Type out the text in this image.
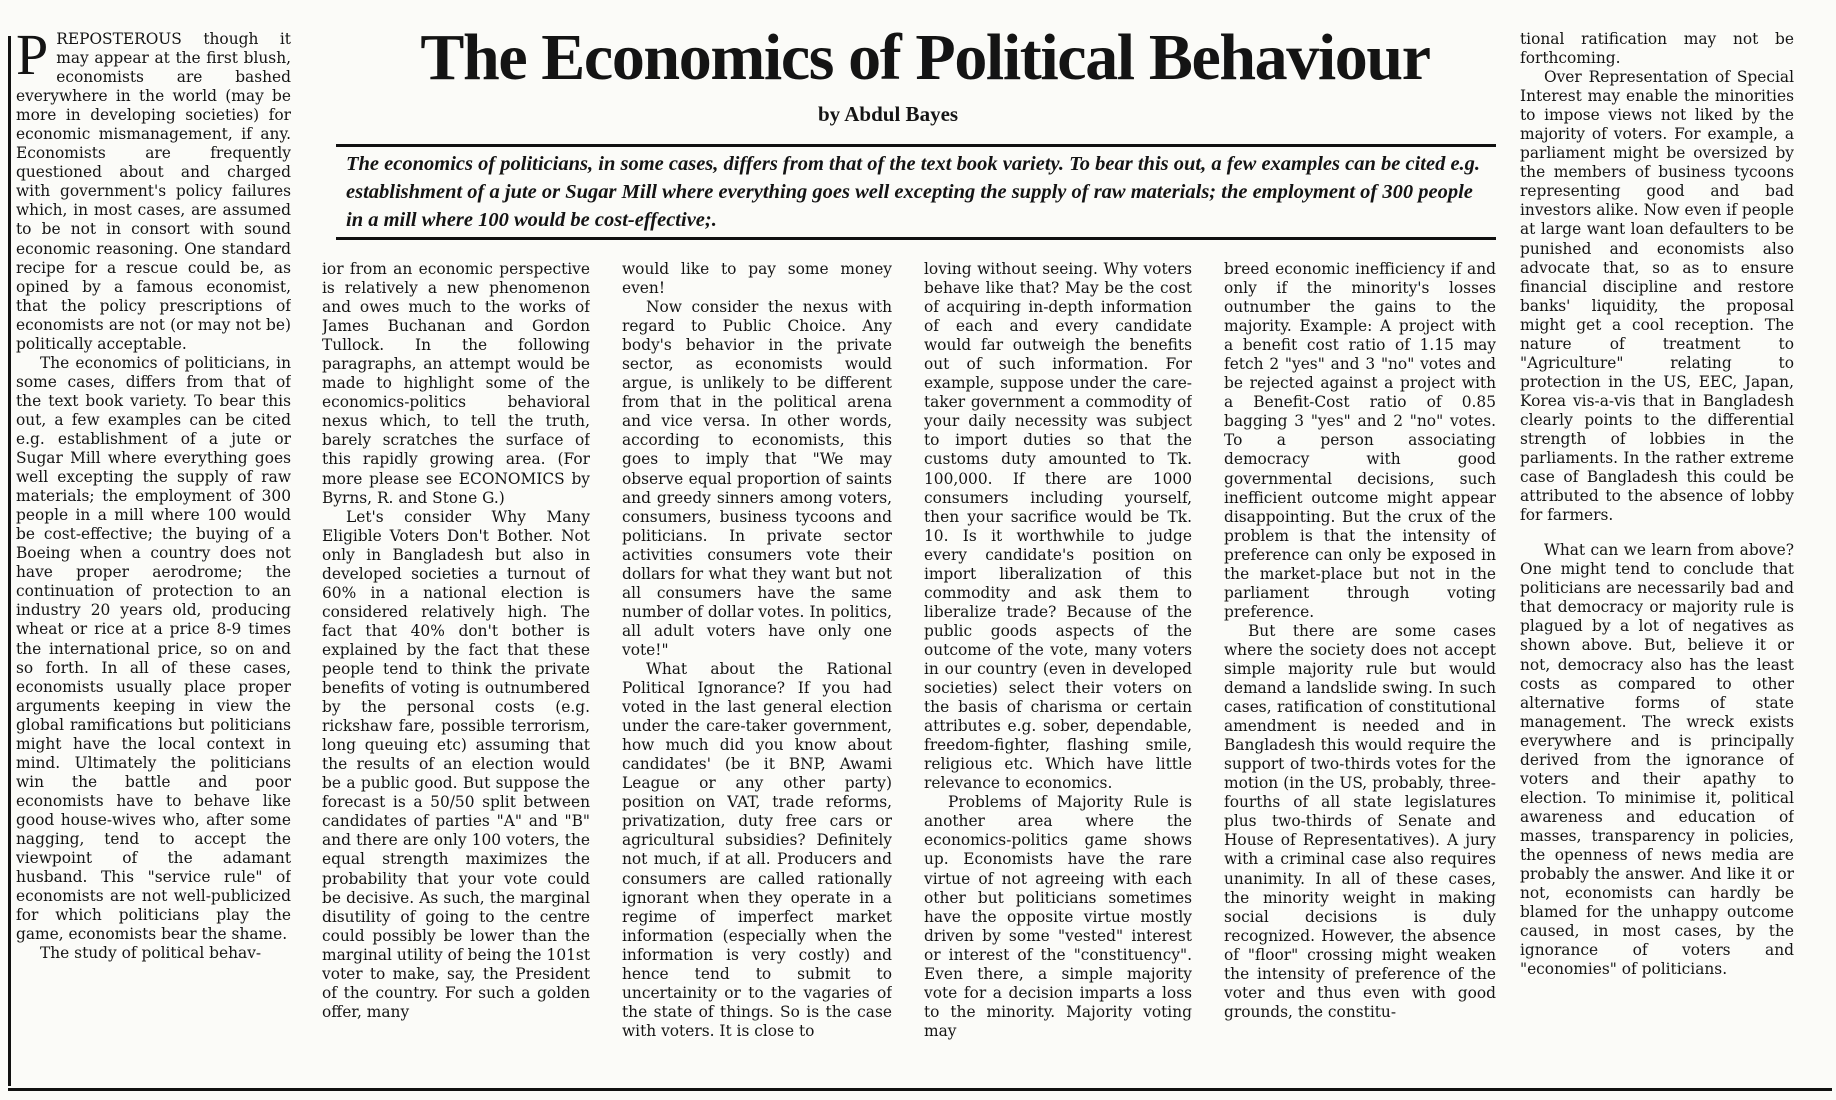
The Economics of Political Behaviour
by Abdul Bayes

The economics of politicians, in some cases, differs from that of the text book variety. To bear this out, a few examples can be cited e.g. establishment of a jute or Sugar Mill where everything goes well excepting the supply of raw materials; the employment of 300 people in a mill where 100 would be cost-effective;.

PREPOSTEROUS though it may appear at the first blush, economists are bashed everywhere in the world (may be more in developing societies) for economic mismanagement, if any. Economists are frequently questioned about and charged with government's policy failures which, in most cases, are assumed to be not in consort with sound economic reasoning. One standard recipe for a rescue could be, as opined by a famous economist, that the policy prescriptions of economists are not (or may not be) politically acceptable.

The economics of politicians, in some cases, differs from that of the text book variety. To bear this out, a few examples can be cited e.g. establishment of a jute or Sugar Mill where everything goes well excepting the supply of raw materials; the employment of 300 people in a mill where 100 would be cost-effective; the buying of a Boeing when a country does not have proper aerodrome; the continuation of protection to an industry 20 years old, producing wheat or rice at a price 8-9 times the international price, so on and so forth. In all of these cases, economists usually place proper arguments keeping in view the global ramifications but politicians might have the local context in mind. Ultimately the politicians win the battle and poor economists have to behave like good house-wives who, after some nagging, tend to accept the viewpoint of the adamant husband. This "service rule" of economists are not well-publicized for which politicians play the game, economists bear the shame.

The study of political behav-

ior from an economic perspective is relatively a new phenomenon and owes much to the works of James Buchanan and Gordon Tullock. In the following paragraphs, an attempt would be made to highlight some of the economics-politics behavioral nexus which, to tell the truth, barely scratches the surface of this rapidly growing area. (For more please see ECONOMICS by Byrns, R. and Stone G.)

Let's consider Why Many Eligible Voters Don't Bother. Not only in Bangladesh but also in developed societies a turnout of 60% in a national election is considered relatively high. The fact that 40% don't bother is explained by the fact that these people tend to think the private benefits of voting is outnumbered by the personal costs (e.g. rickshaw fare, possible terrorism, long queuing etc) assuming that the results of an election would be a public good. But suppose the forecast is a 50/50 split between candidates of parties "A" and "B" and there are only 100 voters, the equal strength maximizes the probability that your vote could be decisive. As such, the marginal disutility of going to the centre could possibly be lower than the marginal utility of being the 101st voter to make, say, the President of the country. For such a golden offer, many

would like to pay some money even!

Now consider the nexus with regard to Public Choice. Any body's behavior in the private sector, as economists would argue, is unlikely to be different from that in the political arena and vice versa. In other words, according to economists, this goes to imply that "We may observe equal proportion of saints and greedy sinners among voters, consumers, business tycoons and politicians. In private sector activities consumers vote their dollars for what they want but not all consumers have the same number of dollar votes. In politics, all adult voters have only one vote!"

What about the Rational Political Ignorance? If you had voted in the last general election under the care-taker government, how much did you know about candidates' (be it BNP, Awami League or any other party) position on VAT, trade reforms, privatization, duty free cars or agricultural subsidies? Definitely not much, if at all. Producers and consumers are called rationally ignorant when they operate in a regime of imperfect market information (especially when the information is very costly) and hence tend to submit to uncertainity or to the vagaries of the state of things. So is the case with voters. It is close to

loving without seeing. Why voters behave like that? May be the cost of acquiring in-depth information of each and every candidate would far outweigh the benefits out of such information. For example, suppose under the care-taker government a commodity of your daily necessity was subject to import duties so that the customs duty amounted to Tk. 100,000. If there are 1000 consumers including yourself, then your sacrifice would be Tk. 10. Is it worthwhile to judge every candidate's position on import liberalization of this commodity and ask them to liberalize trade? Because of the public goods aspects of the outcome of the vote, many voters in our country (even in developed societies) select their voters on the basis of charisma or certain attributes e.g. sober, dependable, freedom-fighter, flashing smile, religious etc. Which have little relevance to economics.

Problems of Majority Rule is another area where the economics-politics game shows up. Economists have the rare virtue of not agreeing with each other but politicians sometimes have the opposite virtue mostly driven by some "vested" interest or interest of the "constituency". Even there, a simple majority vote for a decision imparts a loss to the minority. Majority voting may

breed economic inefficiency if and only if the minority's losses outnumber the gains to the majority. Example: A project with a benefit cost ratio of 1.15 may fetch 2 "yes" and 3 "no" votes and be rejected against a project with a Benefit-Cost ratio of 0.85 bagging 3 "yes" and 2 "no" votes. To a person associating democracy with good governmental decisions, such inefficient outcome might appear disappointing. But the crux of the problem is that the intensity of preference can only be exposed in the market-place but not in the parliament through voting preference.

But there are some cases where the society does not accept simple majority rule but would demand a landslide swing. In such cases, ratification of constitutional amendment is needed and in Bangladesh this would require the support of two-thirds votes for the motion (in the US, probably, three-fourths of all state legislatures plus two-thirds of Senate and House of Representatives). A jury with a criminal case also requires unanimity. In all of these cases, the minority weight in making social decisions is duly recognized. However, the absence of "floor" crossing might weaken the intensity of preference of the voter and thus even with good grounds, the constitu-

tional ratification may not be forthcoming.

Over Representation of Special Interest may enable the minorities to impose views not liked by the majority of voters. For example, a parliament might be oversized by the members of business tycoons representing good and bad investors alike. Now even if people at large want loan defaulters to be punished and economists also advocate that, so as to ensure financial discipline and restore banks' liquidity, the proposal might get a cool reception. The nature of treatment to "Agriculture" relating to protection in the US, EEC, Japan, Korea vis-a-vis that in Bangladesh clearly points to the differential strength of lobbies in the parliaments. In the rather extreme case of Bangladesh this could be attributed to the absence of lobby for farmers.

What can we learn from above? One might tend to conclude that politicians are necessarily bad and that democracy or majority rule is plagued by a lot of negatives as shown above. But, believe it or not, democracy also has the least costs as compared to other alternative forms of state management. The wreck exists everywhere and is principally derived from the ignorance of voters and their apathy to election. To minimise it, political awareness and education of masses, transparency in policies, the openness of news media are probably the answer. And like it or not, economists can hardly be blamed for the unhappy outcome caused, in most cases, by the ignorance of voters and "economies" of politicians.
